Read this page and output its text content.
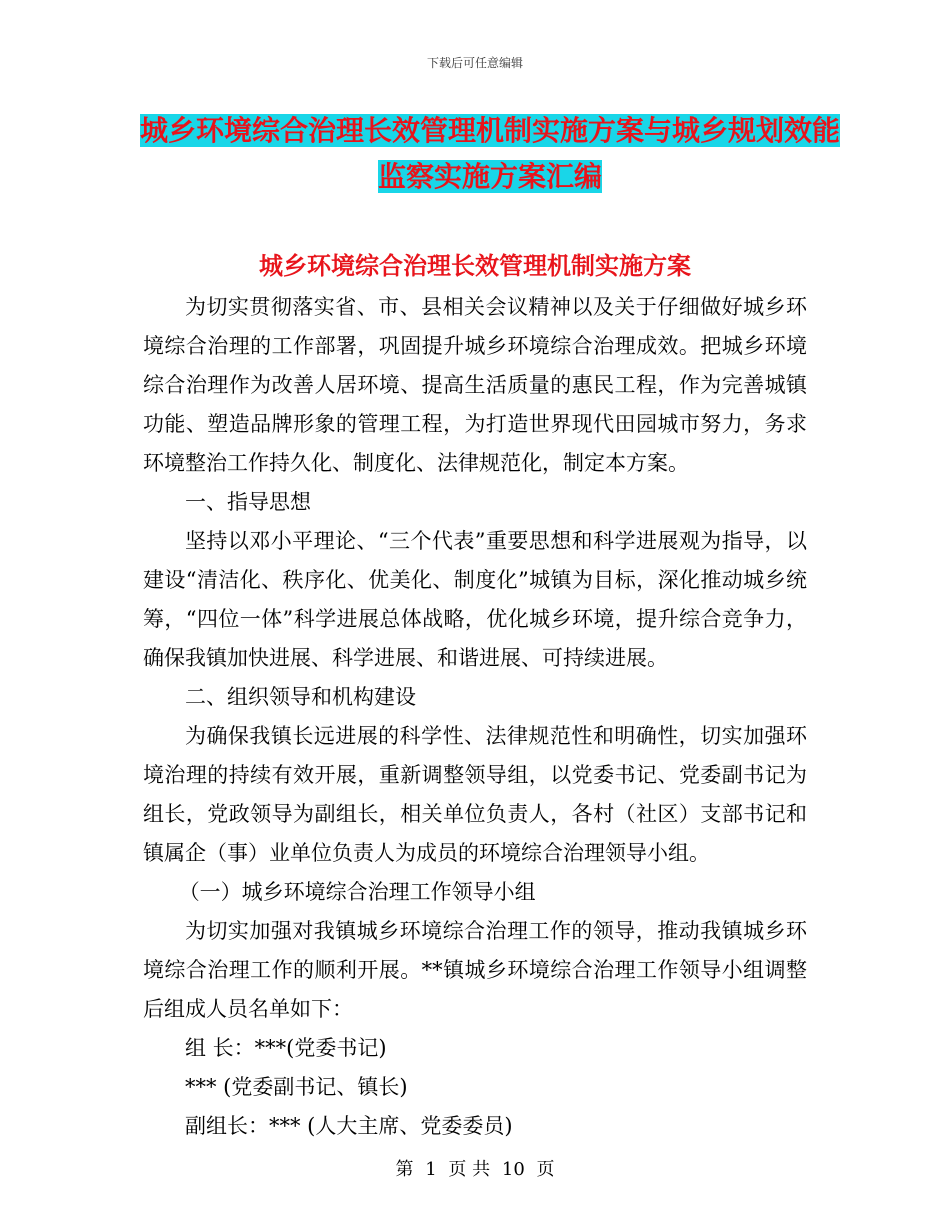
下载后可任意编辑
城乡环境综合治理长效管理机制实施方案与城乡规划效能监察实施方案汇编
城乡环境综合治理长效管理机制实施方案

为切实贯彻落实省、市、县相关会议精神以及关于仔细做好城乡环境综合治理的工作部署，巩固提升城乡环境综合治理成效。把城乡环境综合治理作为改善人居环境、提高生活质量的惠民工程，作为完善城镇功能、塑造品牌形象的管理工程，为打造世界现代田园城市努力，务求环境整治工作持久化、制度化、法律规范化，制定本方案。

一、指导思想

坚持以邓小平理论、“三个代表”重要思想和科学进展观为指导，以建设“清洁化、秩序化、优美化、制度化”城镇为目标，深化推动城乡统筹，“四位一体”科学进展总体战略，优化城乡环境，提升综合竞争力，确保我镇加快进展、科学进展、和谐进展、可持续进展。

二、组织领导和机构建设

为确保我镇长远进展的科学性、法律规范性和明确性，切实加强环境治理的持续有效开展，重新调整领导组，以党委书记、党委副书记为组长，党政领导为副组长，相关单位负责人，各村（社区）支部书记和镇属企（事）业单位负责人为成员的环境综合治理领导小组。

（一）城乡环境综合治理工作领导小组

为切实加强对我镇城乡环境综合治理工作的领导，推动我镇城乡环境综合治理工作的顺利开展。**镇城乡环境综合治理工作领导小组调整后组成人员名单如下：

组 长：***(党委书记)

*** (党委副书记、镇长)

副组长：*** (人大主席、党委委员)

第 1 页 共 10 页
